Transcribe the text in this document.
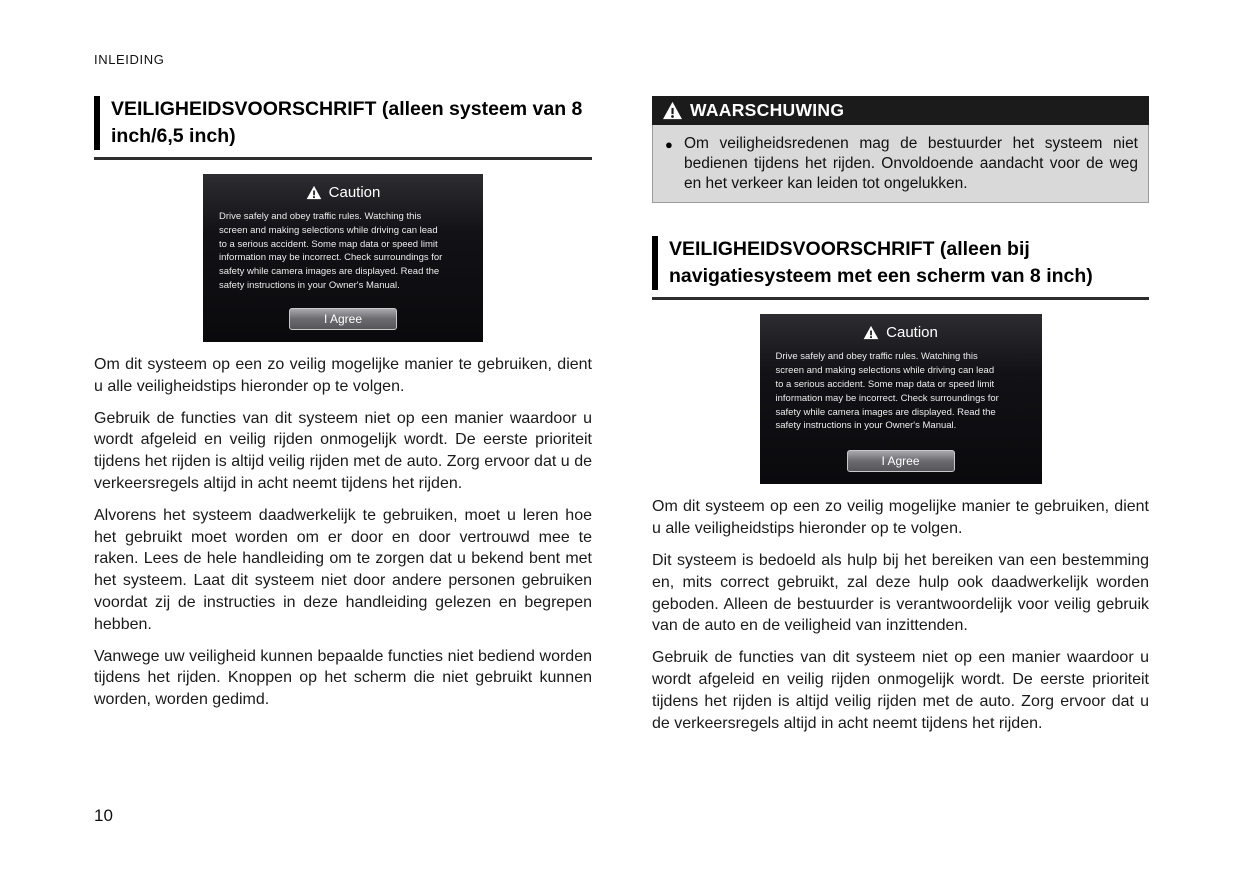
INLEIDING
VEILIGHEIDSVOORSCHRIFT (alleen systeem van 8 inch/6,5 inch)
Caution
Drive safely and obey traffic rules. Watching this
screen and making selections while driving can lead
to a serious accident. Some map data or speed limit
information may be incorrect. Check surroundings for
safety while camera images are displayed. Read the
safety instructions in your Owner's Manual.
I Agree

Om dit systeem op een zo veilig mogelijke manier te gebruiken, dient u alle veiligheidstips hieronder op te volgen.

Gebruik de functies van dit systeem niet op een manier waardoor u wordt afgeleid en veilig rijden onmogelijk wordt. De eerste prioriteit tijdens het rijden is altijd veilig rijden met de auto. Zorg ervoor dat u de verkeersregels altijd in acht neemt tijdens het rijden.

Alvorens het systeem daadwerkelijk te gebruiken, moet u leren hoe het gebruikt moet worden om er door en door vertrouwd mee te raken. Lees de hele handleiding om te zorgen dat u bekend bent met het systeem. Laat dit systeem niet door andere personen gebruiken voordat zij de instructies in deze handleiding gelezen en begrepen hebben.

Vanwege uw veiligheid kunnen bepaalde functies niet bediend worden tijdens het rijden. Knoppen op het scherm die niet gebruikt kunnen worden, worden gedimd.

WAARSCHUWING
● Om veiligheidsredenen mag de bestuurder het systeem niet bedienen tijdens het rijden. Onvoldoende aandacht voor de weg en het verkeer kan leiden tot ongelukken.
VEILIGHEIDSVOORSCHRIFT (alleen bij navigatiesysteem met een scherm van 8 inch)
Caution
Drive safely and obey traffic rules. Watching this
screen and making selections while driving can lead
to a serious accident. Some map data or speed limit
information may be incorrect. Check surroundings for
safety while camera images are displayed. Read the
safety instructions in your Owner's Manual.
I Agree

Om dit systeem op een zo veilig mogelijke manier te gebruiken, dient u alle veiligheidstips hieronder op te volgen.

Dit systeem is bedoeld als hulp bij het bereiken van een bestemming en, mits correct gebruikt, zal deze hulp ook daadwerkelijk worden geboden. Alleen de bestuurder is verantwoordelijk voor veilig gebruik van de auto en de veiligheid van inzittenden.

Gebruik de functies van dit systeem niet op een manier waardoor u wordt afgeleid en veilig rijden onmogelijk wordt. De eerste prioriteit tijdens het rijden is altijd veilig rijden met de auto. Zorg ervoor dat u de verkeersregels altijd in acht neemt tijdens het rijden.

10
